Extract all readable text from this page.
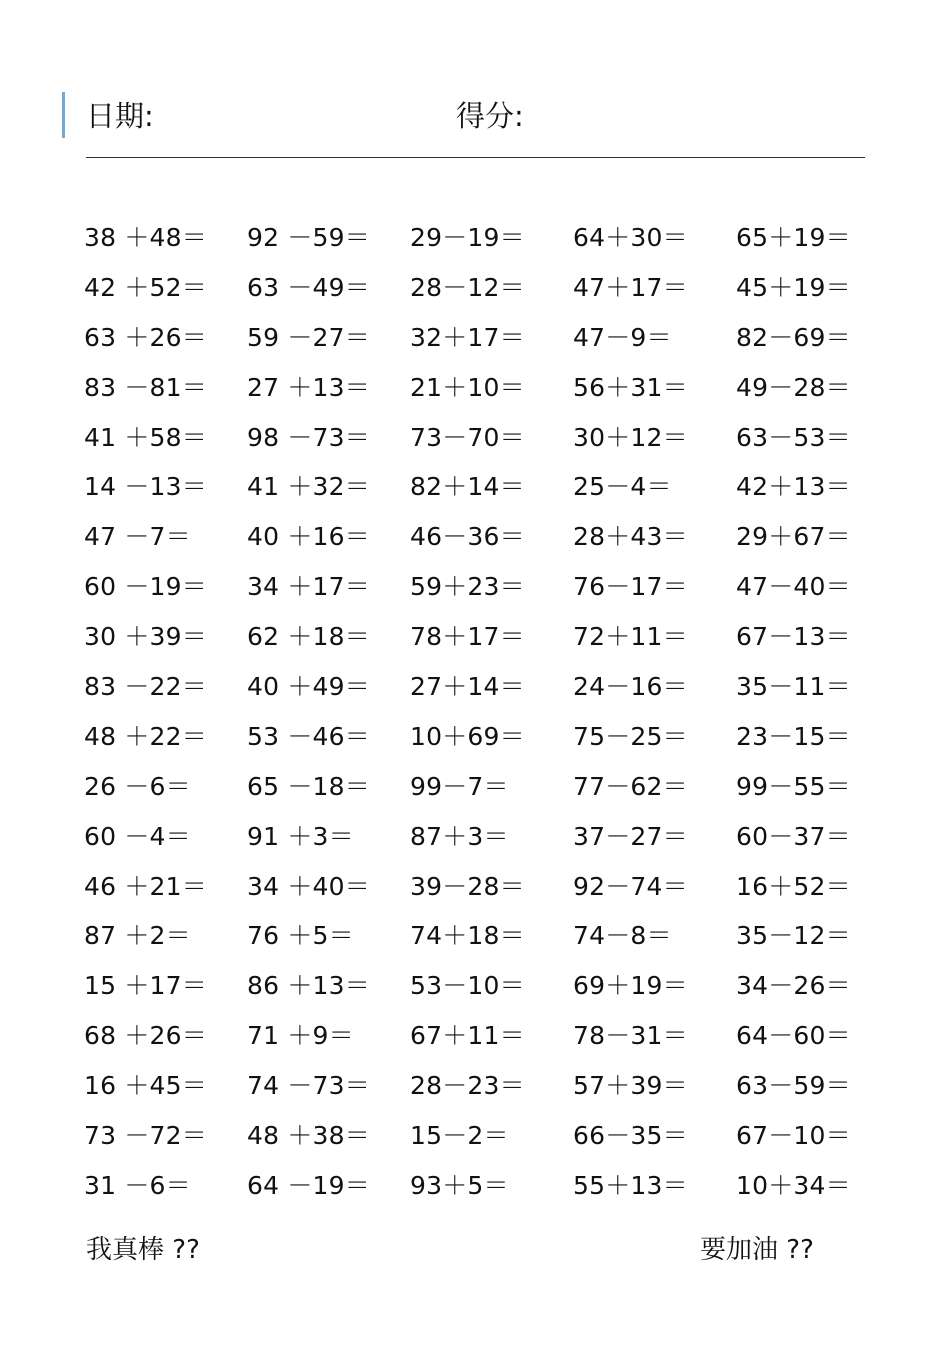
日期:	得分:
38 ＋48＝	92 －59＝	29－19＝	64＋30＝	65＋19＝
42 ＋52＝	63 －49＝	28－12＝	47＋17＝	45＋19＝
63 ＋26＝	59 －27＝	32＋17＝	47－9＝	82－69＝
83 －81＝	27 ＋13＝	21＋10＝	56＋31＝	49－28＝
41 ＋58＝	98 －73＝	73－70＝	30＋12＝	63－53＝
14 －13＝	41 ＋32＝	82＋14＝	25－4＝	42＋13＝
47 －7＝	40 ＋16＝	46－36＝	28＋43＝	29＋67＝
60 －19＝	34 ＋17＝	59＋23＝	76－17＝	47－40＝
30 ＋39＝	62 ＋18＝	78＋17＝	72＋11＝	67－13＝
83 －22＝	40 ＋49＝	27＋14＝	24－16＝	35－11＝
48 ＋22＝	53 －46＝	10＋69＝	75－25＝	23－15＝
26 －6＝	65 －18＝	99－7＝	77－62＝	99－55＝
60 －4＝	91 ＋3＝	87＋3＝	37－27＝	60－37＝
46 ＋21＝	34 ＋40＝	39－28＝	92－74＝	16＋52＝
87 ＋2＝	76 ＋5＝	74＋18＝	74－8＝	35－12＝
15 ＋17＝	86 ＋13＝	53－10＝	69＋19＝	34－26＝
68 ＋26＝	71 ＋9＝	67＋11＝	78－31＝	64－60＝
16 ＋45＝	74 －73＝	28－23＝	57＋39＝	63－59＝
73 －72＝	48 ＋38＝	15－2＝	66－35＝	67－10＝
31 －6＝	64 －19＝	93＋5＝	55＋13＝	10＋34＝
我真棒 ??	要加油 ??
